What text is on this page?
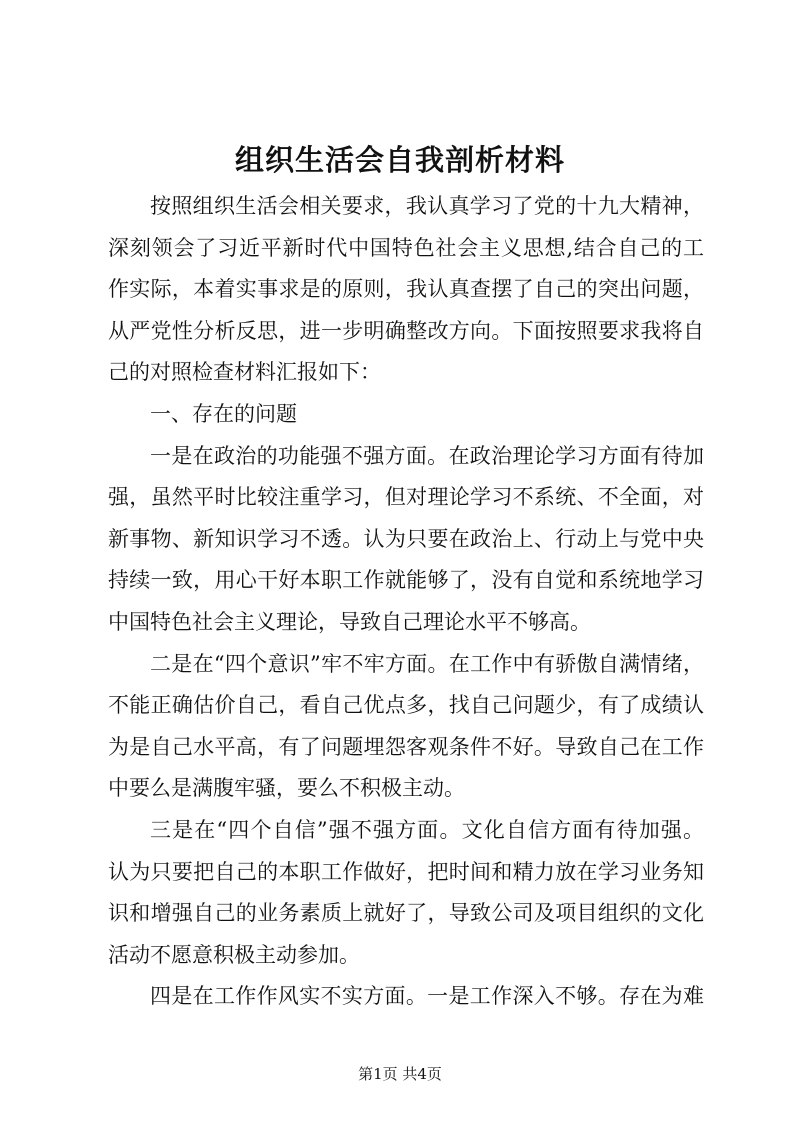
组织生活会自我剖析材料
按照组织生活会相关要求，我认真学习了党的十九大精神，
深刻领会了习近平新时代中国特色社会主义思想,结合自己的工
作实际，本着实事求是的原则，我认真查摆了自己的突出问题，
从严党性分析反思，进一步明确整改方向。下面按照要求我将自
己的对照检查材料汇报如下：
一、存在的问题
一是在政治的功能强不强方面。在政治理论学习方面有待加
强，虽然平时比较注重学习，但对理论学习不系统、不全面，对
新事物、新知识学习不透。认为只要在政治上、行动上与党中央
持续一致，用心干好本职工作就能够了，没有自觉和系统地学习
中国特色社会主义理论，导致自己理论水平不够高。
二是在“四个意识”牢不牢方面。在工作中有骄傲自满情绪，
不能正确估价自己，看自己优点多，找自己问题少，有了成绩认
为是自己水平高，有了问题埋怨客观条件不好。导致自己在工作
中要么是满腹牢骚，要么不积极主动。
三是在“四个自信”强不强方面。文化自信方面有待加强。
认为只要把自己的本职工作做好，把时间和精力放在学习业务知
识和增强自己的业务素质上就好了，导致公司及项目组织的文化
活动不愿意积极主动参加。
四是在工作作风实不实方面。一是工作深入不够。存在为难
第1页 共4页
